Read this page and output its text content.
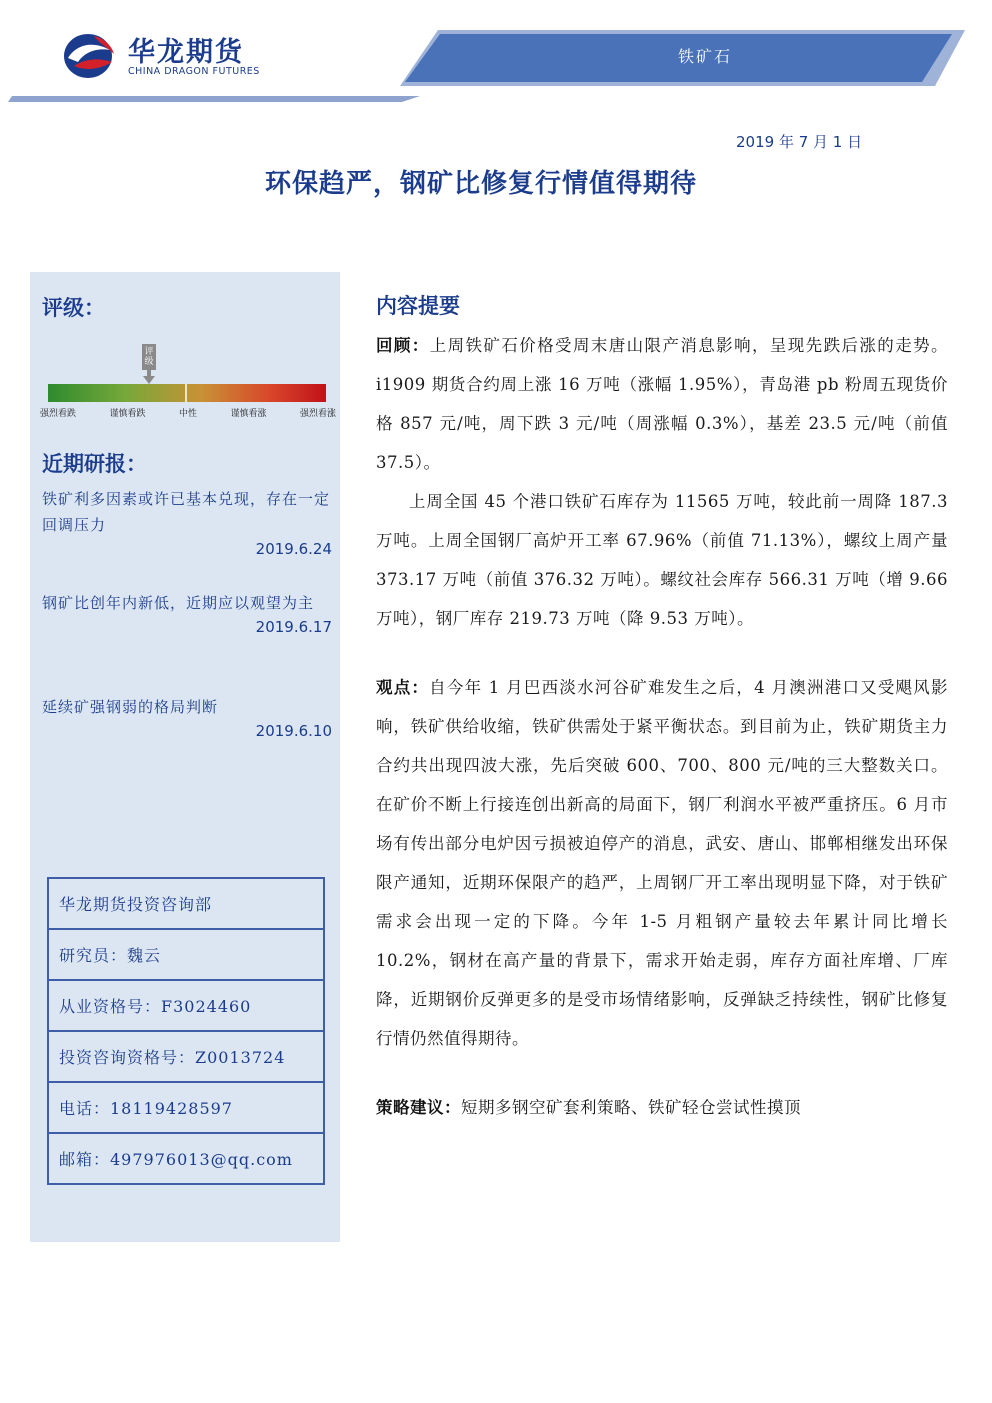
华龙期货
CHINA DRAGON FUTURES
铁矿石
2019 年 7 月 1 日
环保趋严，钢矿比修复行情值得期待
评级：
评级
强烈看跌	谨慎看跌	中性	谨慎看涨	强烈看涨
近期研报：
铁矿利多因素或许已基本兑现，存在一定回调压力
2019.6.24
钢矿比创年内新低，近期应以观望为主
2019.6.17
延续矿强钢弱的格局判断
2019.6.10
华龙期货投资咨询部
研究员：魏云
从业资格号：F3024460
投资咨询资格号：Z0013724
电话：18119428597
邮箱：497976013@qq.com
内容提要
回顾：上周铁矿石价格受周末唐山限产消息影响，呈现先跌后涨的走势。i1909 期货合约周上涨 16 万吨（涨幅 1.95%），青岛港 pb 粉周五现货价格 857 元/吨，周下跌 3 元/吨（周涨幅 0.3%），基差 23.5 元/吨（前值 37.5）。
上周全国 45 个港口铁矿石库存为 11565 万吨，较此前一周降 187.3 万吨。上周全国钢厂高炉开工率 67.96%（前值 71.13%），螺纹上周产量 373.17 万吨（前值 376.32 万吨）。螺纹社会库存 566.31 万吨（增 9.66 万吨），钢厂库存 219.73 万吨（降 9.53 万吨）。
观点：自今年 1 月巴西淡水河谷矿难发生之后，4 月澳洲港口又受飓风影响，铁矿供给收缩，铁矿供需处于紧平衡状态。到目前为止，铁矿期货主力合约共出现四波大涨，先后突破 600、700、800 元/吨的三大整数关口。在矿价不断上行接连创出新高的局面下，钢厂利润水平被严重挤压。6 月市场有传出部分电炉因亏损被迫停产的消息，武安、唐山、邯郸相继发出环保限产通知，近期环保限产的趋严，上周钢厂开工率出现明显下降，对于铁矿需求会出现一定的下降。今年 1-5 月粗钢产量较去年累计同比增长 10.2%，钢材在高产量的背景下，需求开始走弱，库存方面社库增、厂库降，近期钢价反弹更多的是受市场情绪影响，反弹缺乏持续性，钢矿比修复行情仍然值得期待。
策略建议：短期多钢空矿套利策略、铁矿轻仓尝试性摸顶
